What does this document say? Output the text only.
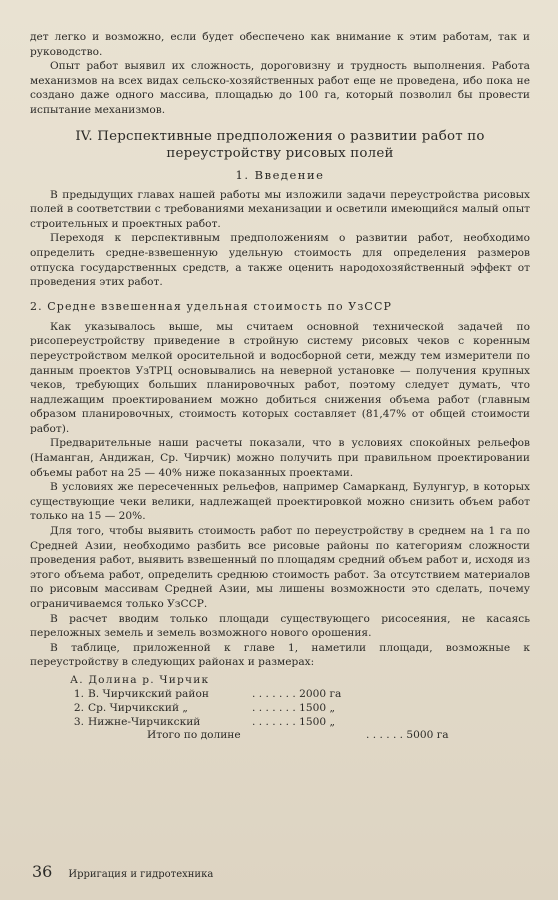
дет легко и возможно, если будет обеспечено как внимание к этим работам, так и руководство.

Опыт работ выявил их сложность, дороговизну и трудность выполнения. Работа механизмов на всех видах сельско-хозяйственных работ еще не проведена, ибо пока не создано даже одного массива, площадью до 100 га, который позволил бы провести испытание механизмов.

IV. Перспективные предположения о развитии работ по переустройству рисовых полей
1. Введение

В предыдущих главах нашей работы мы изложили задачи переустройства рисовых полей в соответствии с требованиями механизации и осветили имеющийся малый опыт строительных и проектных работ.

Переходя к перспективным предположениям о развитии работ, необходимо определить средне-взвешенную удельную стоимость для определения размеров отпуска государственных средств, а также оценить народохозяйственный эффект от проведения этих работ.

2. Средне взвешенная удельная стоимость по УзССР

Как указывалось выше, мы считаем основной технической задачей по рисопереустройству приведение в стройную систему рисовых чеков с коренным переустройством мелкой оросительной и водосборной сети, между тем измерители по данным проектов УзТРЦ основывались на неверной установке — получения крупных чеков, требующих больших планировочных работ, поэтому следует думать, что надлежащим проектированием можно добиться снижения объема работ (главным образом планировочных, стоимость которых составляет (81,47% от общей стоимости работ).

Предварительные наши расчеты показали, что в условиях спокойных рельефов (Наманган, Андижан, Ср. Чирчик) можно получить при правильном проектировании объемы работ на 25 — 40% ниже показанных проектами.

В условиях же пересеченных рельефов, например Самарканд, Булунгур, в которых существующие чеки велики, надлежащей проектировкой можно снизить объем работ только на 15 — 20%.

Для того, чтобы выявить стоимость работ по переустройству в среднем на 1 га по Средней Азии, необходимо разбить все рисовые районы по категориям сложности проведения работ, выявить взвешенный по площадям средний объем работ и, исходя из этого объема работ, определить среднюю стоимость работ. За отсутствием материалов по рисовым массивам Средней Азии, мы лишены возможности это сделать, почему ограничиваемся только УзССР.

В расчет вводим только площади существующего рисосеяния, не касаясь переложных земель и земель возможного нового орошения.

В таблице, приложенной к главе 1, наметили площади, возможные к переустройству в следующих районах и размерах:

А. Долина р. Чирчик
1. В. Чирчикский район	. . . . . . . 2000 га
2. Ср. Чирчикский „	. . . . . . . 1500 „
3. Нижне-Чирчикский	. . . . . . . 1500 „
Итого по долине	. . . . . . 5000 га
36 Ирригация и гидротехника
